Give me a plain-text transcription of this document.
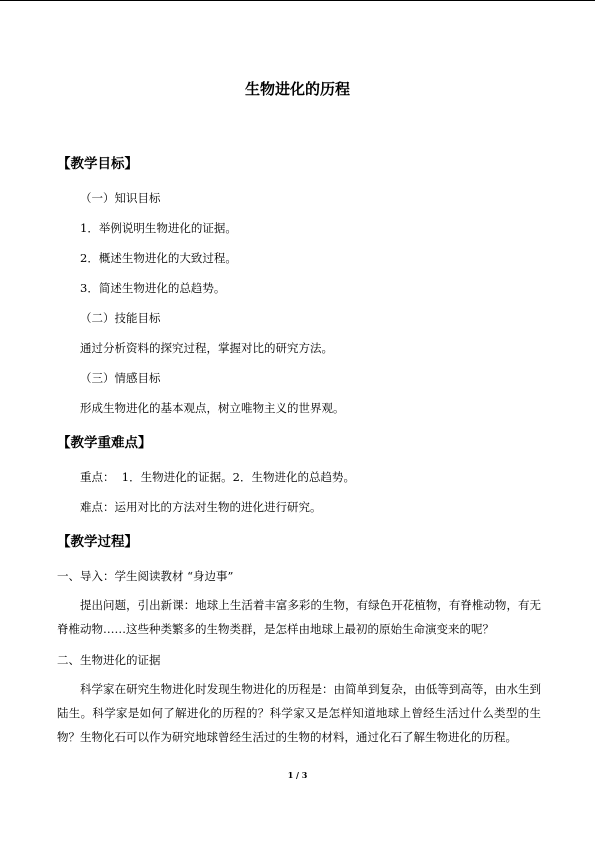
生物进化的历程
【教学目标】
（一）知识目标
1．举例说明生物进化的证据。
2．概述生物进化的大致过程。
3．简述生物进化的总趋势。
（二）技能目标
通过分析资料的探究过程，掌握对比的研究方法。
（三）情感目标
形成生物进化的基本观点，树立唯物主义的世界观。
【教学重难点】
重点：  1．生物进化的证据。2．生物进化的总趋势。
难点：运用对比的方法对生物的进化进行研究。
【教学过程】
一、导入：学生阅读教材 “身边事”
提出问题，引出新课：地球上生活着丰富多彩的生物，有绿色开花植物，有脊椎动物，有无脊椎动物……这些种类繁多的生物类群，是怎样由地球上最初的原始生命演变来的呢？
二、生物进化的证据
科学家在研究生物进化时发现生物进化的历程是：由简单到复杂，由低等到高等，由水生到陆生。科学家是如何了解进化的历程的？科学家又是怎样知道地球上曾经生活过什么类型的生物？生物化石可以作为研究地球曾经生活过的生物的材料，通过化石了解生物进化的历程。
1 / 3
